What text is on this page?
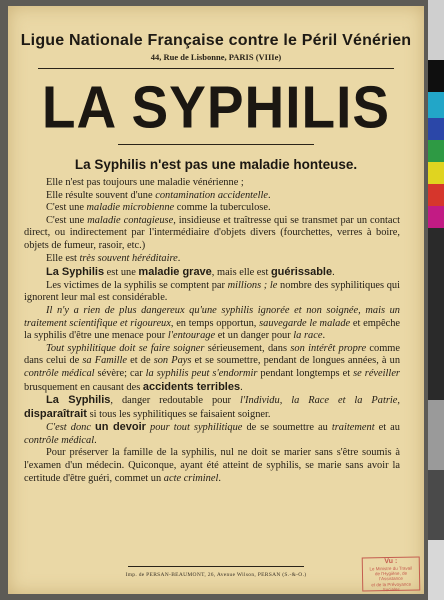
Ligue Nationale Française contre le Péril Vénérien
44, Rue de Lisbonne, PARIS (VIIIe)
LA SYPHILIS
La Syphilis n'est pas une maladie honteuse.

Elle n'est pas toujours une maladie vénérienne ;

Elle résulte souvent d'une contamination accidentelle.

C'est une maladie microbienne comme la tuberculose.

C'est une maladie contagieuse, insidieuse et traîtresse qui se transmet par un contact direct, ou indirectement par l'intermédiaire d'objets divers (fourchettes, verres à boire, objets de fumeur, rasoir, etc.)

Elle est très souvent héréditaire.

La Syphilis est une maladie grave, mais elle est guérissable.

Les victimes de la syphilis se comptent par millions ; le nombre des syphilitiques qui ignorent leur mal est considérable.

Il n'y a rien de plus dangereux qu'une syphilis ignorée et non soignée, mais un traitement scientifique et rigoureux, en temps opportun, sauvegarde le malade et empêche la syphilis d'être une menace pour l'entourage et un danger pour la race.

Tout syphilitique doit se faire soigner sérieusement, dans son intérêt propre comme dans celui de sa Famille et de son Pays et se soumettre, pendant de longues années, à un contrôle médical sévère; car la syphilis peut s'endormir pendant longtemps et se réveiller brusquement en causant des accidents terribles.

La Syphilis, danger redoutable pour l'Individu, la Race et la Patrie, disparaîtrait si tous les syphilitiques se faisaient soigner.

C'est donc un devoir pour tout syphilitique de se soumettre au traitement et au contrôle médical.

Pour préserver la famille de la syphilis, nul ne doit se marier sans s'être soumis à l'examen d'un médecin. Quiconque, ayant été atteint de syphilis, se marie sans avoir la certitude d'être guéri, commet un acte criminel.

Imp. de PERSAN-BEAUMONT, 26, Avenue Wilson, PERSAN (S.-&-O.)
Vu :
Le Ministre du Travail
de l'Hygiène, de l'Assistance
et de la Prévoyance Sociales
